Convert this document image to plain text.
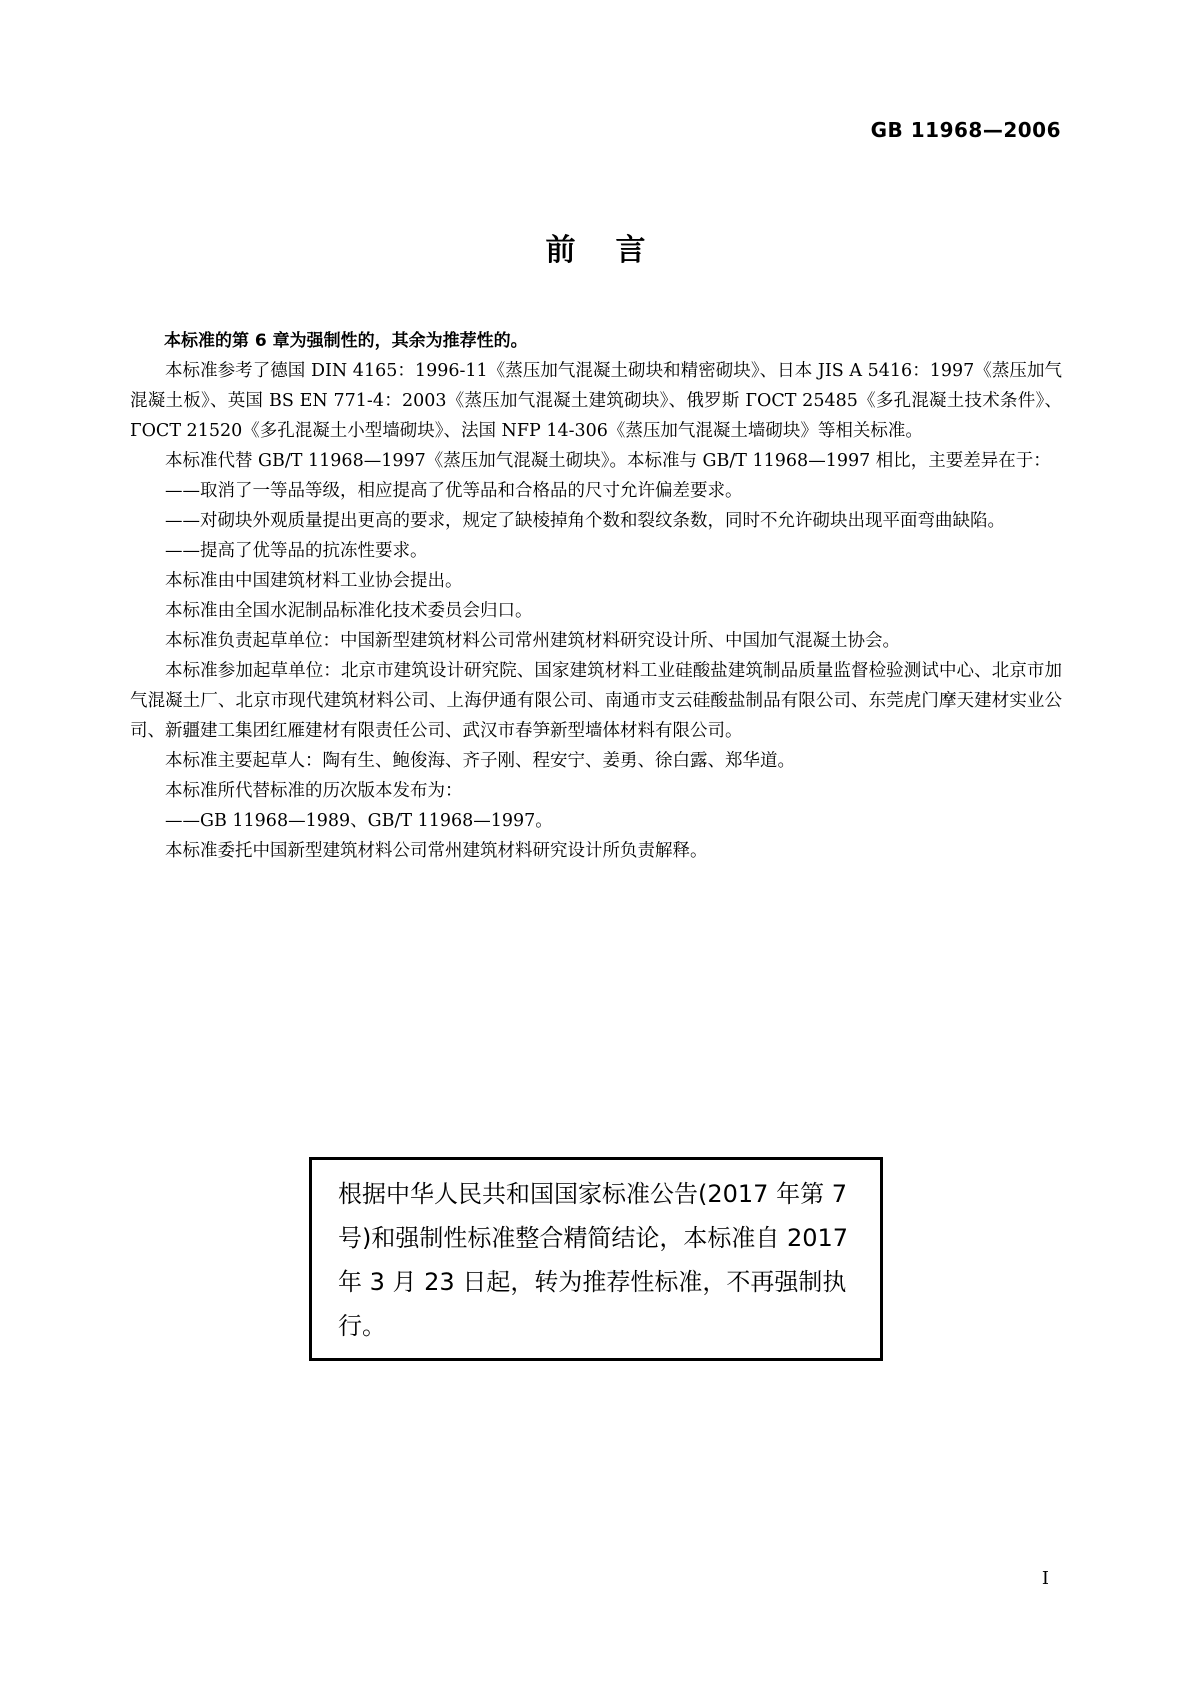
GB 11968—2006
前言

本标准的第 6 章为强制性的，其余为推荐性的。

本标准参考了德国 DIN 4165：1996-11《蒸压加气混凝土砌块和精密砌块》、日本 JIS A 5416：1997《蒸压加气混凝土板》、英国 BS EN 771-4：2003《蒸压加气混凝土建筑砌块》、俄罗斯 ГОСТ 25485《多孔混凝土技术条件》、ГОСТ 21520《多孔混凝土小型墙砌块》、法国 NFP 14-306《蒸压加气混凝土墙砌块》等相关标准。

本标准代替 GB/T 11968—1997《蒸压加气混凝土砌块》。本标准与 GB/T 11968—1997 相比，主要差异在于：

——取消了一等品等级，相应提高了优等品和合格品的尺寸允许偏差要求。

——对砌块外观质量提出更高的要求，规定了缺棱掉角个数和裂纹条数，同时不允许砌块出现平面弯曲缺陷。

——提高了优等品的抗冻性要求。

本标准由中国建筑材料工业协会提出。

本标准由全国水泥制品标准化技术委员会归口。

本标准负责起草单位：中国新型建筑材料公司常州建筑材料研究设计所、中国加气混凝土协会。

本标准参加起草单位：北京市建筑设计研究院、国家建筑材料工业硅酸盐建筑制品质量监督检验测试中心、北京市加气混凝土厂、北京市现代建筑材料公司、上海伊通有限公司、南通市支云硅酸盐制品有限公司、东莞虎门摩天建材实业公司、新疆建工集团红雁建材有限责任公司、武汉市春笋新型墙体材料有限公司。

本标准主要起草人：陶有生、鲍俊海、齐子刚、程安宁、姜勇、徐白露、郑华道。

本标准所代替标准的历次版本发布为：

——GB 11968—1989、GB/T 11968—1997。

本标准委托中国新型建筑材料公司常州建筑材料研究设计所负责解释。

根据中华人民共和国国家标准公告(2017 年第 7 号)和强制性标准整合精简结论，本标准自 2017 年 3 月 23 日起，转为推荐性标准，不再强制执行。
I
